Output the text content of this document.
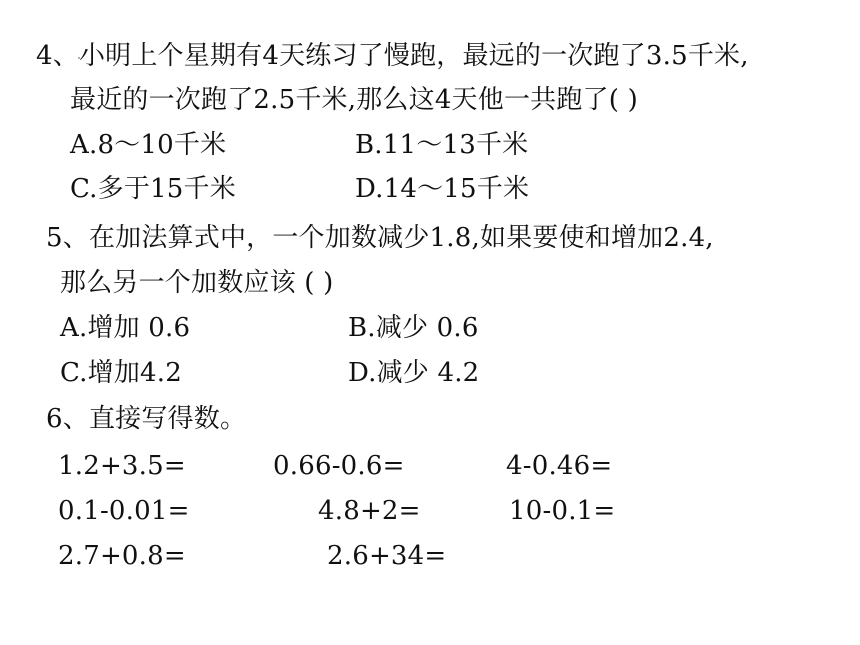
4、小明上个星期有4天练习了慢跑，最远的一次跑了3.5千米,
最近的一次跑了2.5千米,那么这4天他一共跑了( )
A.8～10千米	B.11～13千米
C.多于15千米	D.14～15千米
5、在加法算式中，一个加数减少1.8,如果要使和增加2.4,
那么另一个加数应该 ( )
A.增加 0.6	B.减少 0.6
C.增加4.2	D.减少 4.2
6、直接写得数。
1.2+3.5=	0.66-0.6=	4-0.46=
0.1-0.01=	4.8+2=	10-0.1=
2.7+0.8=	2.6+34=
